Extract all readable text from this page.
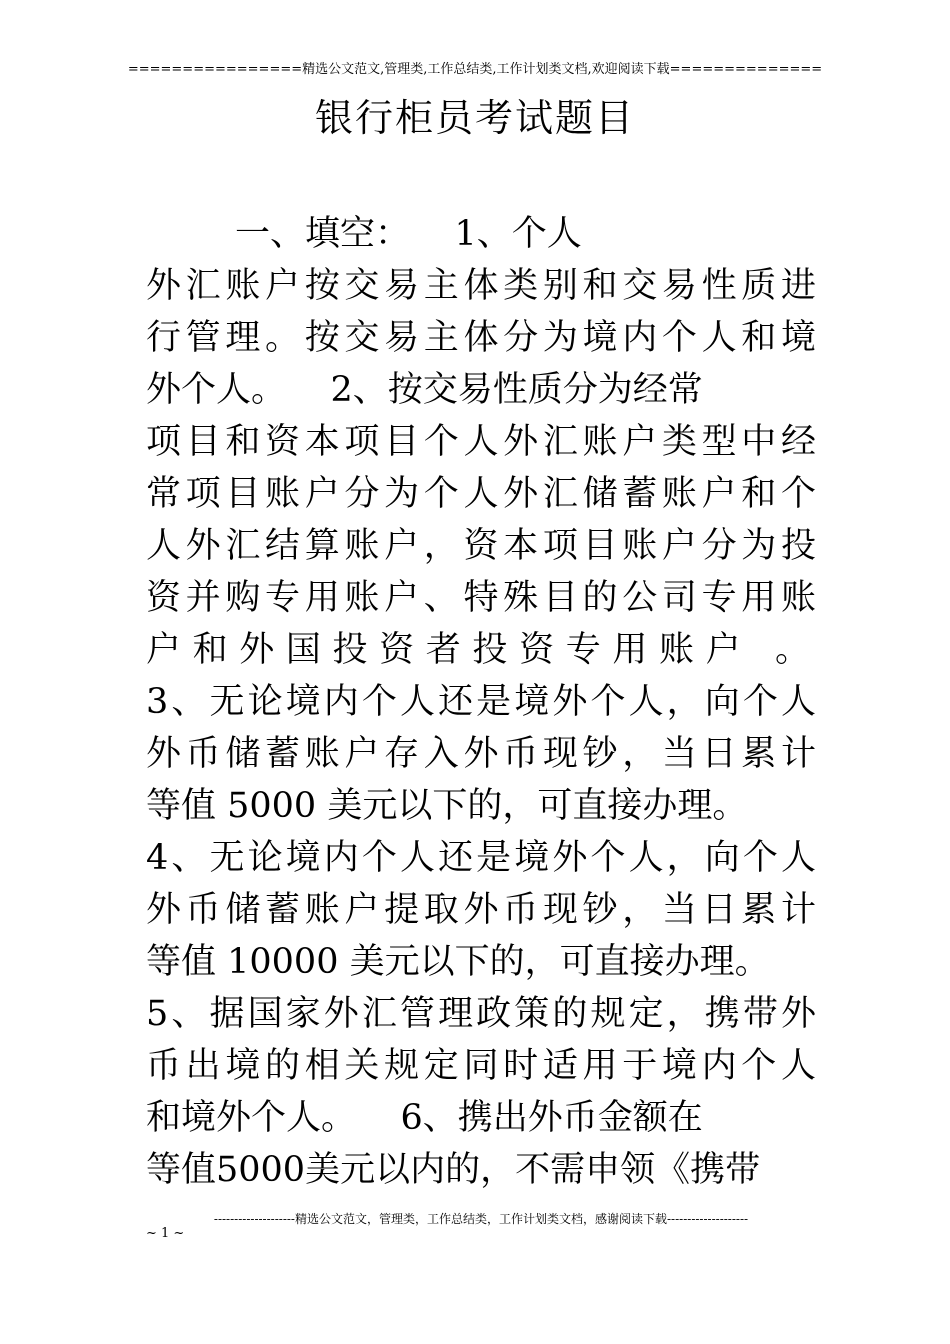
================精选公文范文,管理类,工作总结类,工作计划类文档,欢迎阅读下载==============
银行柜员考试题目
一、填空：    1、个人
外汇账户按交易主体类别和交易性质进
行管理。按交易主体分为境内个人和境
外个人。    2、按交易性质分为经常
项目和资本项目个人外汇账户类型中经
常项目账户分为个人外汇储蓄账户和个
人外汇结算账户，资本项目账户分为投
资并购专用账户、特殊目的公司专用账
户和外国投资者投资专用账户 。
3、无论境内个人还是境外个人，向个人
外币储蓄账户存入外币现钞，当日累计
等值 5000 美元以下的，可直接办理。
4、无论境内个人还是境外个人，向个人
外币储蓄账户提取外币现钞，当日累计
等值 10000 美元以下的，可直接办理。
5、据国家外汇管理政策的规定，携带外
币出境的相关规定同时适用于境内个人
和境外个人。    6、携出外币金额在
等值5000美元以内的，不需申领《携带
--------------------精选公文范文，管理类，工作总结类，工作计划类文档，感谢阅读下载--------------------
~ 1 ~
